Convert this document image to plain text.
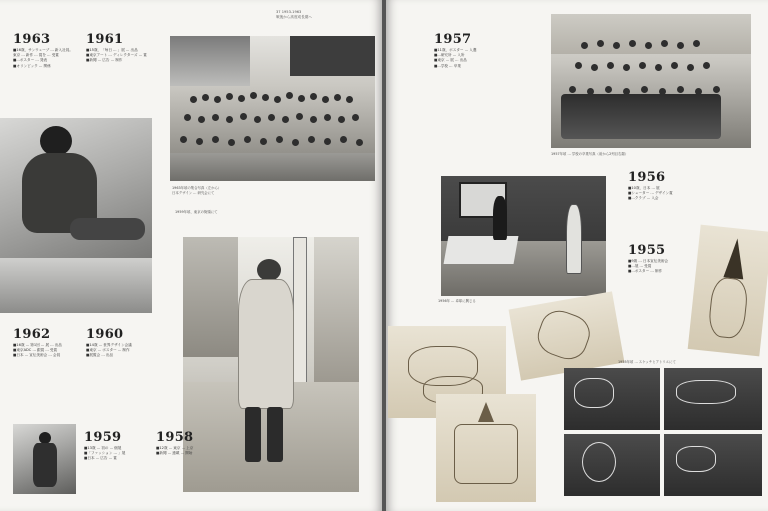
37 1953-1963
戦後から高度成長期へ
1963
■16歳、サンウェーブ ... 新入社員。
東京 ... 新作 ... 賞を ... 受賞
■...ポスター ... 発表
■オリンピック ... 関係
1961
■15歳、「毎日 ... 」展 ... 出品
■東京アート ... ディレクターズ ... 賞
■新聞 ... 広告 ... 制作
1963年頃の集合写真（左から）
日本デザイン ... 研究会にて
1959年頃、東京の街頭にて
1962
■16歳 ... 第1回 ... 展 ... 出品
■東京ADC ... 銀賞 ... 受賞
■日本 ... 宣伝美術会 ... 会員
1960
■14歳 ... 世界デザイン会議
■東京 ... ポスター ... 制作
■展覧会 ... 出品
1959
■13歳 ... 初の ... 個展
■「ファッション ... 」展
■日本 ... 広告 ... 賞
1958
■12歳 ... 東京 ... 上京
■新聞 ... 連載 ... 開始
1957
■11歳、ポスター ... 入選
■...研究所 ... 入所
■東京 ... 展 ... 出品
■...学校 ... 卒業
1957年頃 ... 学校の卒業写真（前から2列目右端）
1956年 ... 卓球に興じる
1956
■10歳、日本 ... 展
■シューター ... デザイン賞
■...クラブ ... 入会
1955
■9歳 ... 日本宣伝美術会
■...展 ... 受賞
■...ポスター ... 制作
1955年頃 ... スケッチとアトリエにて
